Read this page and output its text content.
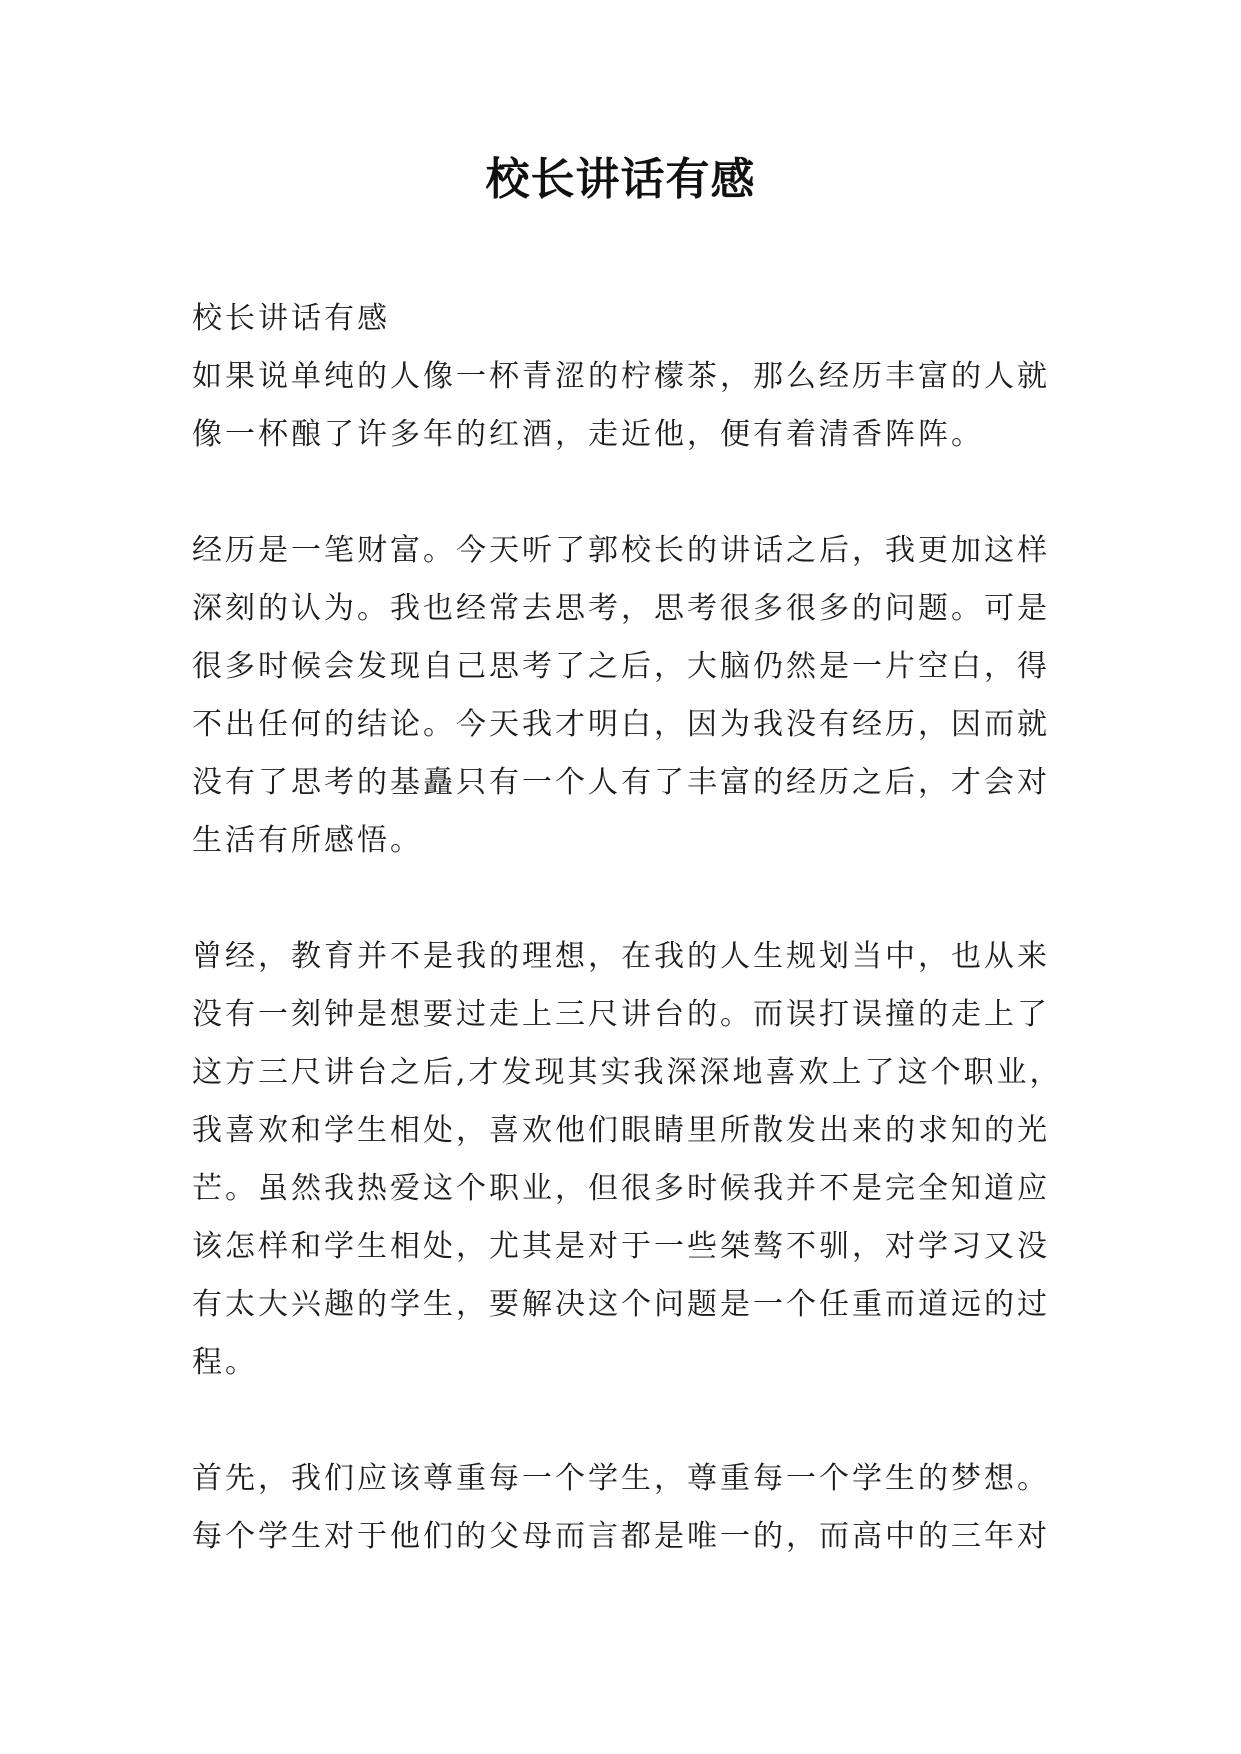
校长讲话有感
校长讲话有感
如果说单纯的人像一杯青涩的柠檬茶，那么经历丰富的人就
像一杯酿了许多年的红酒，走近他，便有着清香阵阵。
经历是一笔财富。今天听了郭校长的讲话之后，我更加这样
深刻的认为。我也经常去思考，思考很多很多的问题。可是
很多时候会发现自己思考了之后，大脑仍然是一片空白，得
不出任何的结论。今天我才明白，因为我没有经历，因而就
没有了思考的基矗只有一个人有了丰富的经历之后，才会对
生活有所感悟。
曾经，教育并不是我的理想，在我的人生规划当中，也从来
没有一刻钟是想要过走上三尺讲台的。而误打误撞的走上了
这方三尺讲台之后,才发现其实我深深地喜欢上了这个职业，
我喜欢和学生相处，喜欢他们眼睛里所散发出来的求知的光
芒。虽然我热爱这个职业，但很多时候我并不是完全知道应
该怎样和学生相处，尤其是对于一些桀骜不驯，对学习又没
有太大兴趣的学生，要解决这个问题是一个任重而道远的过
程。
首先，我们应该尊重每一个学生，尊重每一个学生的梦想。
每个学生对于他们的父母而言都是唯一的，而高中的三年对
